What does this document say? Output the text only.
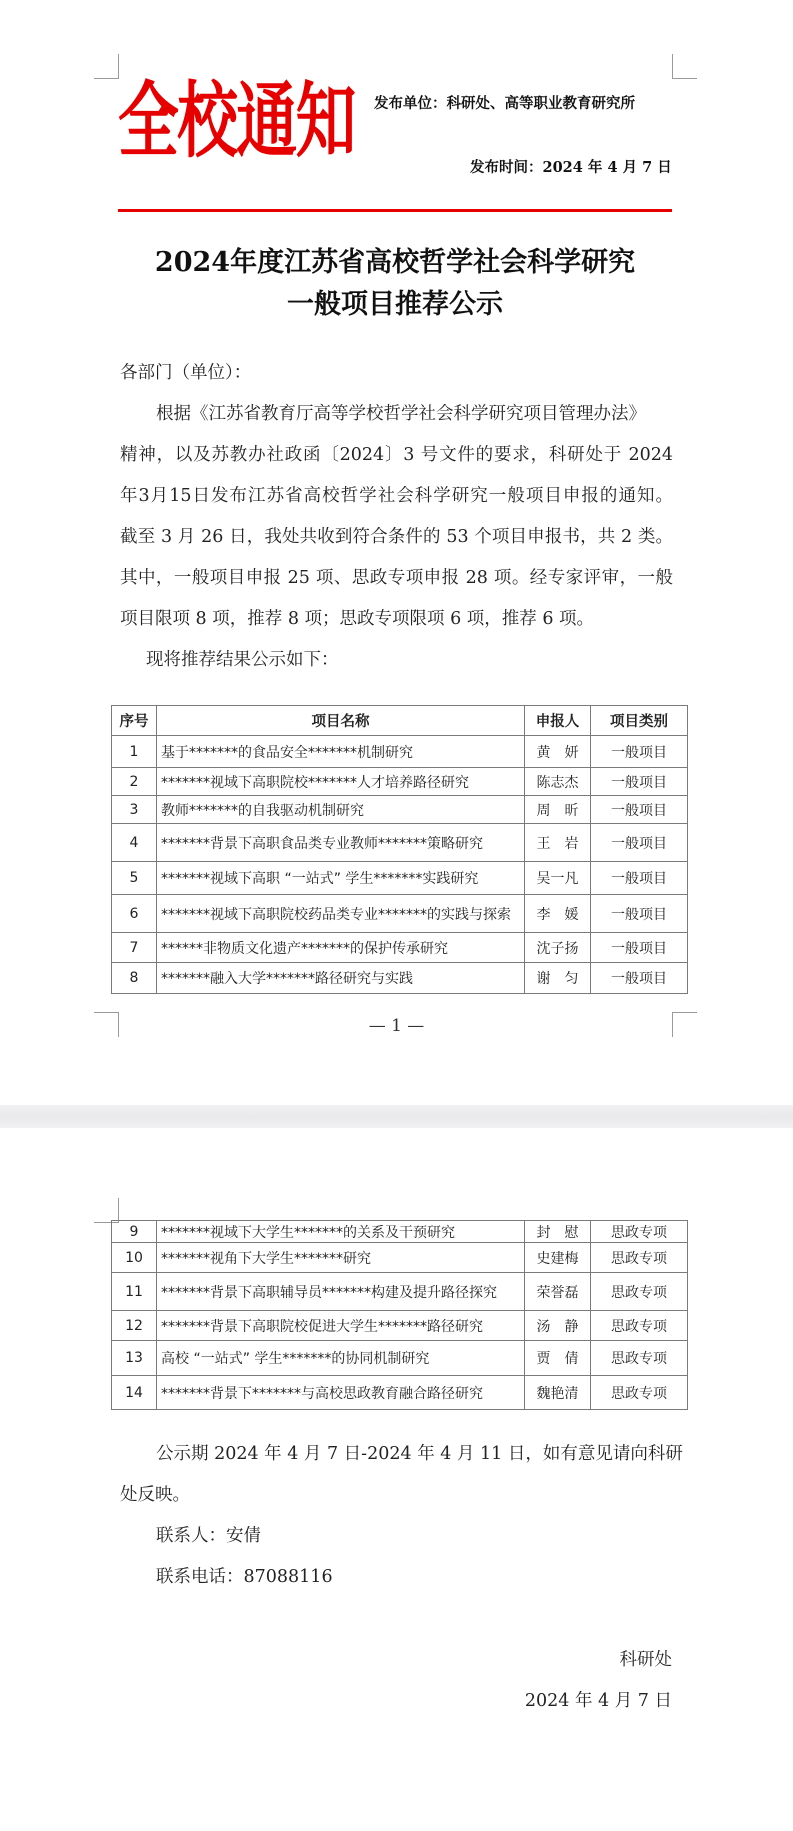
全校通知 发布单位：科研处、高等职业教育研究所
发布时间：2024 年 4 月 7 日
2024年度江苏省高校哲学社会科学研究
一般项目推荐公示
各部门（单位）：
根据《江苏省教育厅高等学校哲学社会科学研究项目管理办法》
精神，以及苏教办社政函〔2024〕3 号文件的要求，科研处于 2024
年3月15日发布江苏省高校哲学社会科学研究一般项目申报的通知。
截至 3 月 26 日，我处共收到符合条件的 53 个项目申报书，共 2 类。
其中，一般项目申报 25 项、思政专项申报 28 项。经专家评审，一般
项目限项 8 项，推荐 8 项；思政专项限项 6 项，推荐 6 项。
现将推荐结果公示如下：
序号	项目名称	申报人	项目类别
1	基于*******的食品安全*******机制研究	黄　妍	一般项目
2	*******视域下高职院校*******人才培养路径研究	陈志杰	一般项目
3	教师*******的自我驱动机制研究	周　昕	一般项目
4	*******背景下高职食品类专业教师*******策略研究	王　岩	一般项目
5	*******视域下高职 “一站式” 学生*******实践研究	吴一凡	一般项目
6	*******视域下高职院校药品类专业*******的实践与探索	李　媛	一般项目
7	******非物质文化遗产*******的保护传承研究	沈子扬	一般项目
8	*******融入大学*******路径研究与实践	谢　匀	一般项目
— 1 —
9	*******视域下大学生*******的关系及干预研究	封　慰	思政专项
10	*******视角下大学生*******研究	史建梅	思政专项
11	*******背景下高职辅导员*******构建及提升路径探究	荣誉磊	思政专项
12	*******背景下高职院校促进大学生*******路径研究	汤　静	思政专项
13	高校 “一站式” 学生*******的协同机制研究	贾　倩	思政专项
14	*******背景下*******与高校思政教育融合路径研究	魏艳清	思政专项
公示期 2024 年 4 月 7 日-2024 年 4 月 11 日，如有意见请向科研
处反映。
联系人：安倩
联系电话：87088116
科研处
2024 年 4 月 7 日
